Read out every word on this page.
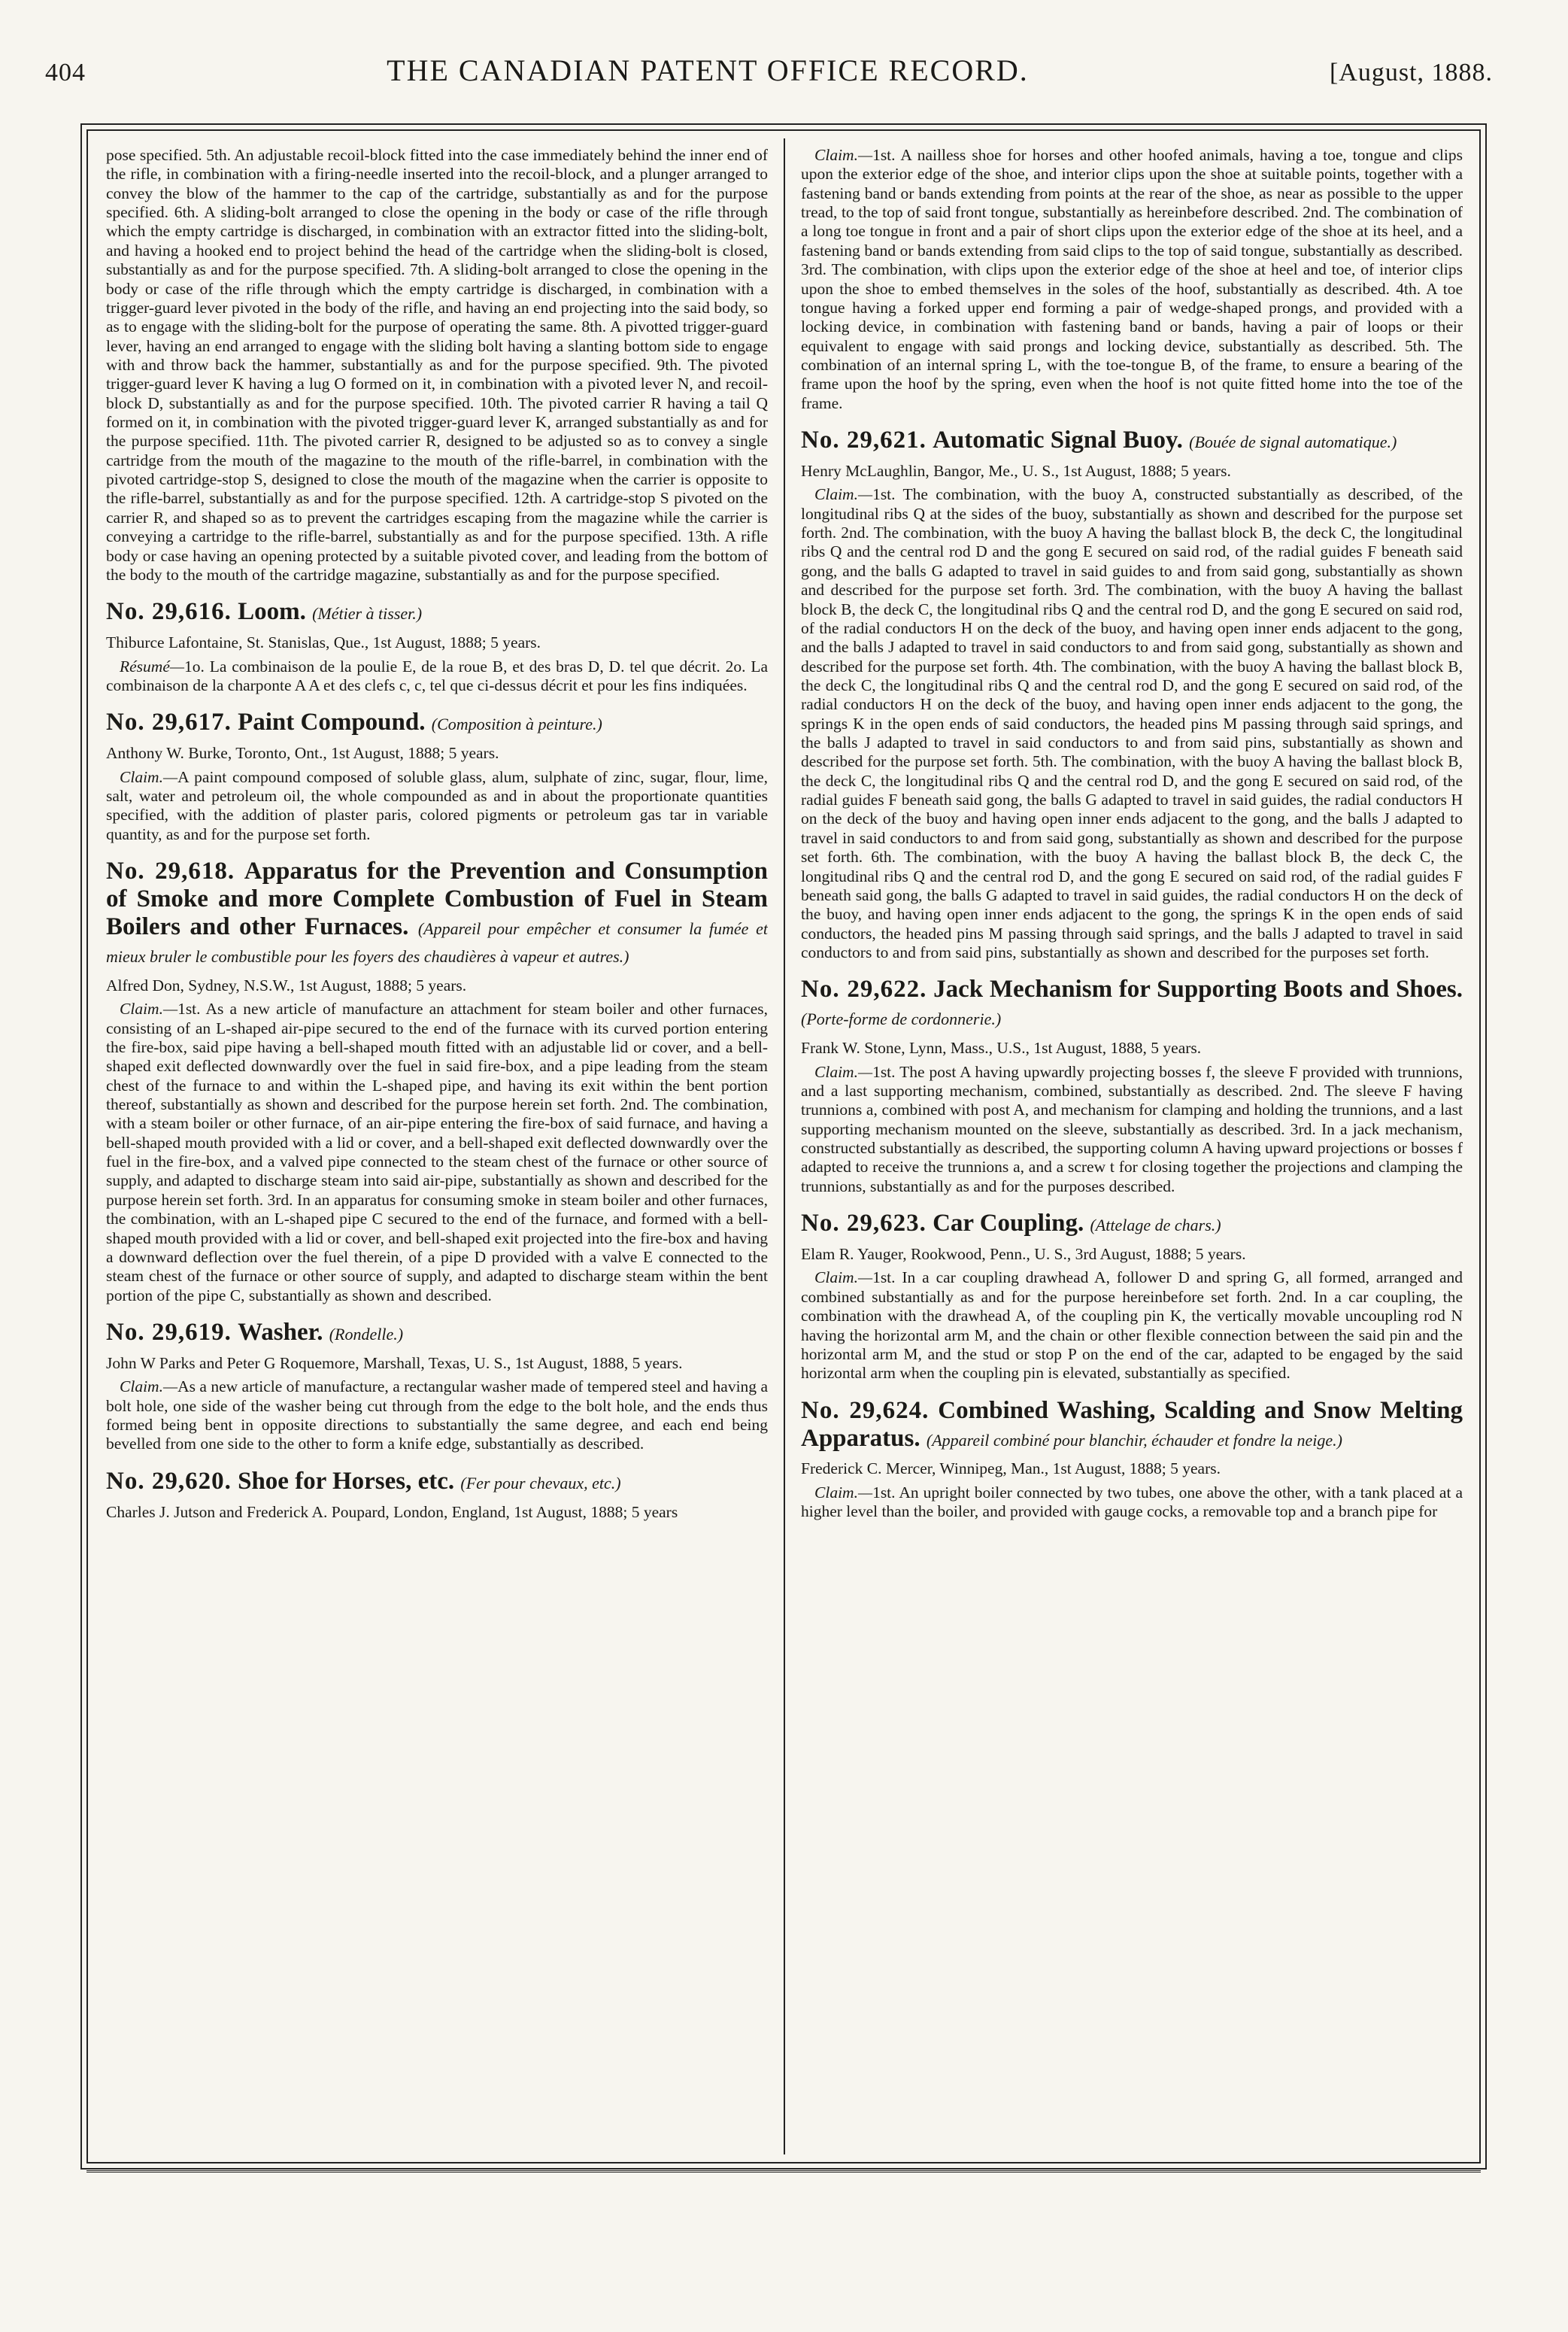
404	THE CANADIAN PATENT OFFICE RECORD.	[August, 1888.

pose specified. 5th. An adjustable recoil-block fitted into the case immediately behind the inner end of the rifle, in combination with a firing-needle inserted into the recoil-block, and a plunger arranged to convey the blow of the hammer to the cap of the cartridge, substantially as and for the purpose specified. 6th. A sliding-bolt arranged to close the opening in the body or case of the rifle through which the empty cartridge is discharged, in combination with an extractor fitted into the sliding-bolt, and having a hooked end to project behind the head of the cartridge when the sliding-bolt is closed, substantially as and for the purpose specified. 7th. A sliding-bolt arranged to close the opening in the body or case of the rifle through which the empty cartridge is discharged, in combination with a trigger-guard lever pivoted in the body of the rifle, and having an end projecting into the said body, so as to engage with the sliding-bolt for the purpose of operating the same. 8th. A pivotted trigger-guard lever, having an end arranged to engage with the sliding bolt having a slanting bottom side to engage with and throw back the hammer, substantially as and for the purpose specified. 9th. The pivoted trigger-guard lever K having a lug O formed on it, in combination with a pivoted lever N, and recoil-block D, substantially as and for the purpose specified. 10th. The pivoted carrier R having a tail Q formed on it, in combination with the pivoted trigger-guard lever K, arranged substantially as and for the purpose specified. 11th. The pivoted carrier R, designed to be adjusted so as to convey a single cartridge from the mouth of the magazine to the mouth of the rifle-barrel, in combination with the pivoted cartridge-stop S, designed to close the mouth of the magazine when the carrier is opposite to the rifle-barrel, substantially as and for the purpose specified. 12th. A cartridge-stop S pivoted on the carrier R, and shaped so as to prevent the cartridges escaping from the magazine while the carrier is conveying a cartridge to the rifle-barrel, substantially as and for the purpose specified. 13th. A rifle body or case having an opening protected by a suitable pivoted cover, and leading from the bottom of the body to the mouth of the cartridge magazine, substantially as and for the purpose specified.

No. 29,616. Loom. (Métier à tisser.)

Thiburce Lafontaine, St. Stanislas, Que., 1st August, 1888; 5 years.

Résumé—1o. La combinaison de la poulie E, de la roue B, et des bras D, D. tel que décrit. 2o. La combinaison de la charponte A A et des clefs c, c, tel que ci-dessus décrit et pour les fins indiquées.

No. 29,617. Paint Compound. (Composition à peinture.)

Anthony W. Burke, Toronto, Ont., 1st August, 1888; 5 years.

Claim.—A paint compound composed of soluble glass, alum, sulphate of zinc, sugar, flour, lime, salt, water and petroleum oil, the whole compounded as and in about the proportionate quantities specified, with the addition of plaster paris, colored pigments or petroleum gas tar in variable quantity, as and for the purpose set forth.

No. 29,618. Apparatus for the Prevention and Consumption of Smoke and more Complete Combustion of Fuel in Steam Boilers and other Furnaces. (Appareil pour empêcher et consumer la fumée et mieux bruler le combustible pour les foyers des chaudières à vapeur et autres.)

Alfred Don, Sydney, N.S.W., 1st August, 1888; 5 years.

Claim.—1st. As a new article of manufacture an attachment for steam boiler and other furnaces, consisting of an L-shaped air-pipe secured to the end of the furnace with its curved portion entering the fire-box, said pipe having a bell-shaped mouth fitted with an adjustable lid or cover, and a bell-shaped exit deflected downwardly over the fuel in said fire-box, and a pipe leading from the steam chest of the furnace to and within the L-shaped pipe, and having its exit within the bent portion thereof, substantially as shown and described for the purpose herein set forth. 2nd. The combination, with a steam boiler or other furnace, of an air-pipe entering the fire-box of said furnace, and having a bell-shaped mouth provided with a lid or cover, and a bell-shaped exit deflected downwardly over the fuel in the fire-box, and a valved pipe connected to the steam chest of the furnace or other source of supply, and adapted to discharge steam into said air-pipe, substantially as shown and described for the purpose herein set forth. 3rd. In an apparatus for consuming smoke in steam boiler and other furnaces, the combination, with an L-shaped pipe C secured to the end of the furnace, and formed with a bell-shaped mouth provided with a lid or cover, and bell-shaped exit projected into the fire-box and having a downward deflection over the fuel therein, of a pipe D provided with a valve E connected to the steam chest of the furnace or other source of supply, and adapted to discharge steam within the bent portion of the pipe C, substantially as shown and described.

No. 29,619. Washer. (Rondelle.)

John W Parks and Peter G Roquemore, Marshall, Texas, U. S., 1st August, 1888, 5 years.

Claim.—As a new article of manufacture, a rectangular washer made of tempered steel and having a bolt hole, one side of the washer being cut through from the edge to the bolt hole, and the ends thus formed being bent in opposite directions to substantially the same degree, and each end being bevelled from one side to the other to form a knife edge, substantially as described.

No. 29,620. Shoe for Horses, etc. (Fer pour chevaux, etc.)

Charles J. Jutson and Frederick A. Poupard, London, England, 1st August, 1888; 5 years

Claim.—1st. A nailless shoe for horses and other hoofed animals, having a toe, tongue and clips upon the exterior edge of the shoe, and interior clips upon the shoe at suitable points, together with a fastening band or bands extending from points at the rear of the shoe, as near as possible to the upper tread, to the top of said front tongue, substantially as hereinbefore described. 2nd. The combination of a long toe tongue in front and a pair of short clips upon the exterior edge of the shoe at its heel, and a fastening band or bands extending from said clips to the top of said tongue, substantially as described. 3rd. The combination, with clips upon the exterior edge of the shoe at heel and toe, of interior clips upon the shoe to embed themselves in the soles of the hoof, substantially as described. 4th. A toe tongue having a forked upper end forming a pair of wedge-shaped prongs, and provided with a locking device, in combination with fastening band or bands, having a pair of loops or their equivalent to engage with said prongs and locking device, substantially as described. 5th. The combination of an internal spring L, with the toe-tongue B, of the frame, to ensure a bearing of the frame upon the hoof by the spring, even when the hoof is not quite fitted home into the toe of the frame.

No. 29,621. Automatic Signal Buoy. (Bouée de signal automatique.)

Henry McLaughlin, Bangor, Me., U. S., 1st August, 1888; 5 years.

Claim.—1st. The combination, with the buoy A, constructed substantially as described, of the longitudinal ribs Q at the sides of the buoy, substantially as shown and described for the purpose set forth. 2nd. The combination, with the buoy A having the ballast block B, the deck C, the longitudinal ribs Q and the central rod D and the gong E secured on said rod, of the radial guides F beneath said gong, and the balls G adapted to travel in said guides to and from said gong, substantially as shown and described for the purpose set forth. 3rd. The combination, with the buoy A having the ballast block B, the deck C, the longitudinal ribs Q and the central rod D, and the gong E secured on said rod, of the radial conductors H on the deck of the buoy, and having open inner ends adjacent to the gong, and the balls J adapted to travel in said conductors to and from said gong, substantially as shown and described for the purpose set forth. 4th. The combination, with the buoy A having the ballast block B, the deck C, the longitudinal ribs Q and the central rod D, and the gong E secured on said rod, of the radial conductors H on the deck of the buoy, and having open inner ends adjacent to the gong, the springs K in the open ends of said conductors, the headed pins M passing through said springs, and the balls J adapted to travel in said conductors to and from said pins, substantially as shown and described for the purpose set forth. 5th. The combination, with the buoy A having the ballast block B, the deck C, the longitudinal ribs Q and the central rod D, and the gong E secured on said rod, of the radial guides F beneath said gong, the balls G adapted to travel in said guides, the radial conductors H on the deck of the buoy and having open inner ends adjacent to the gong, and the balls J adapted to travel in said conductors to and from said gong, substantially as shown and described for the purpose set forth. 6th. The combination, with the buoy A having the ballast block B, the deck C, the longitudinal ribs Q and the central rod D, and the gong E secured on said rod, of the radial guides F beneath said gong, the balls G adapted to travel in said guides, the radial conductors H on the deck of the buoy, and having open inner ends adjacent to the gong, the springs K in the open ends of said conductors, the headed pins M passing through said springs, and the balls J adapted to travel in said conductors to and from said pins, substantially as shown and described for the purposes set forth.

No. 29,622. Jack Mechanism for Supporting Boots and Shoes. (Porte-forme de cordonnerie.)

Frank W. Stone, Lynn, Mass., U.S., 1st August, 1888, 5 years.

Claim.—1st. The post A having upwardly projecting bosses f, the sleeve F provided with trunnions, and a last supporting mechanism, combined, substantially as described. 2nd. The sleeve F having trunnions a, combined with post A, and mechanism for clamping and holding the trunnions, and a last supporting mechanism mounted on the sleeve, substantially as described. 3rd. In a jack mechanism, constructed substantially as described, the supporting column A having upward projections or bosses f adapted to receive the trunnions a, and a screw t for closing together the projections and clamping the trunnions, substantially as and for the purposes described.

No. 29,623. Car Coupling. (Attelage de chars.)

Elam R. Yauger, Rookwood, Penn., U. S., 3rd August, 1888; 5 years.

Claim.—1st. In a car coupling drawhead A, follower D and spring G, all formed, arranged and combined substantially as and for the purpose hereinbefore set forth. 2nd. In a car coupling, the combination with the drawhead A, of the coupling pin K, the vertically movable uncoupling rod N having the horizontal arm M, and the chain or other flexible connection between the said pin and the horizontal arm M, and the stud or stop P on the end of the car, adapted to be engaged by the said horizontal arm when the coupling pin is elevated, substantially as specified.

No. 29,624. Combined Washing, Scalding and Snow Melting Apparatus. (Appareil combiné pour blanchir, échauder et fondre la neige.)

Frederick C. Mercer, Winnipeg, Man., 1st August, 1888; 5 years.

Claim.—1st. An upright boiler connected by two tubes, one above the other, with a tank placed at a higher level than the boiler, and provided with gauge cocks, a removable top and a branch pipe for
